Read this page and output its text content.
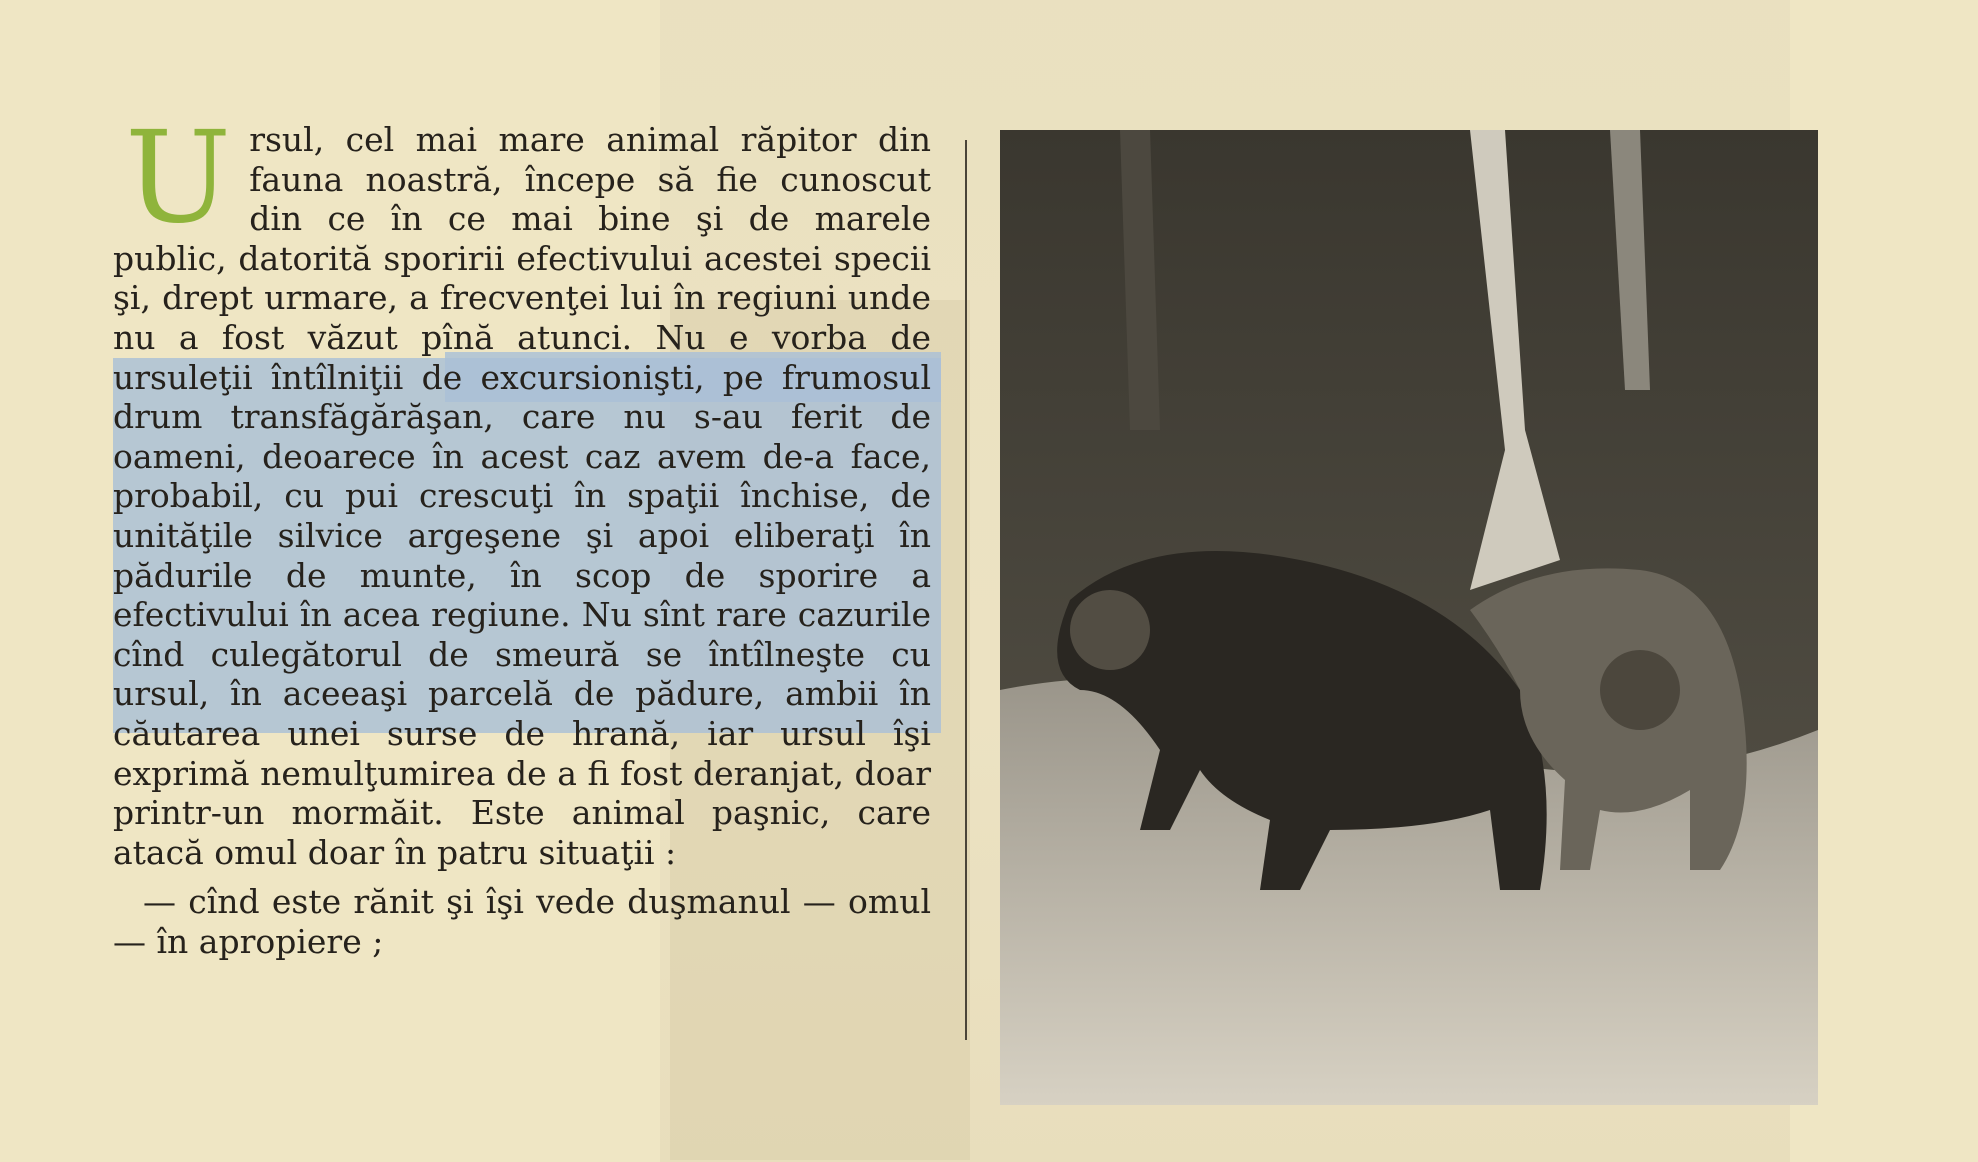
U rsul, cel mai mare animal răpitor din fauna noastră, începe să fie cunoscut din ce în ce mai bine şi de marele public, datorită sporirii efectivului acestei specii şi, drept urmare, a frecvenţei lui în regiuni unde nu a fost văzut pînă atunci. Nu e vorba de ursuleţii întîlniţii de excursionişti, pe frumosul drum transfăgărăşan, care nu s-au ferit de oameni, deoarece în acest caz avem de-a face, probabil, cu pui crescuţi în spaţii închise, de unităţile silvice argeşene şi apoi eliberaţi în pădurile de munte, în scop de sporire a efectivului în acea regiune. Nu sînt rare cazurile cînd culegătorul de smeură se întîlneşte cu ursul, în aceeaşi parcelă de pădure, ambii în căutarea unei surse de hrană, iar ursul îşi exprimă nemulţumirea de a fi fost deranjat, doar printr-un mormăit. Este animal paşnic, care atacă omul doar în patru situaţii :
— cînd este rănit şi îşi vede duşmanul — omul — în apropiere ;
